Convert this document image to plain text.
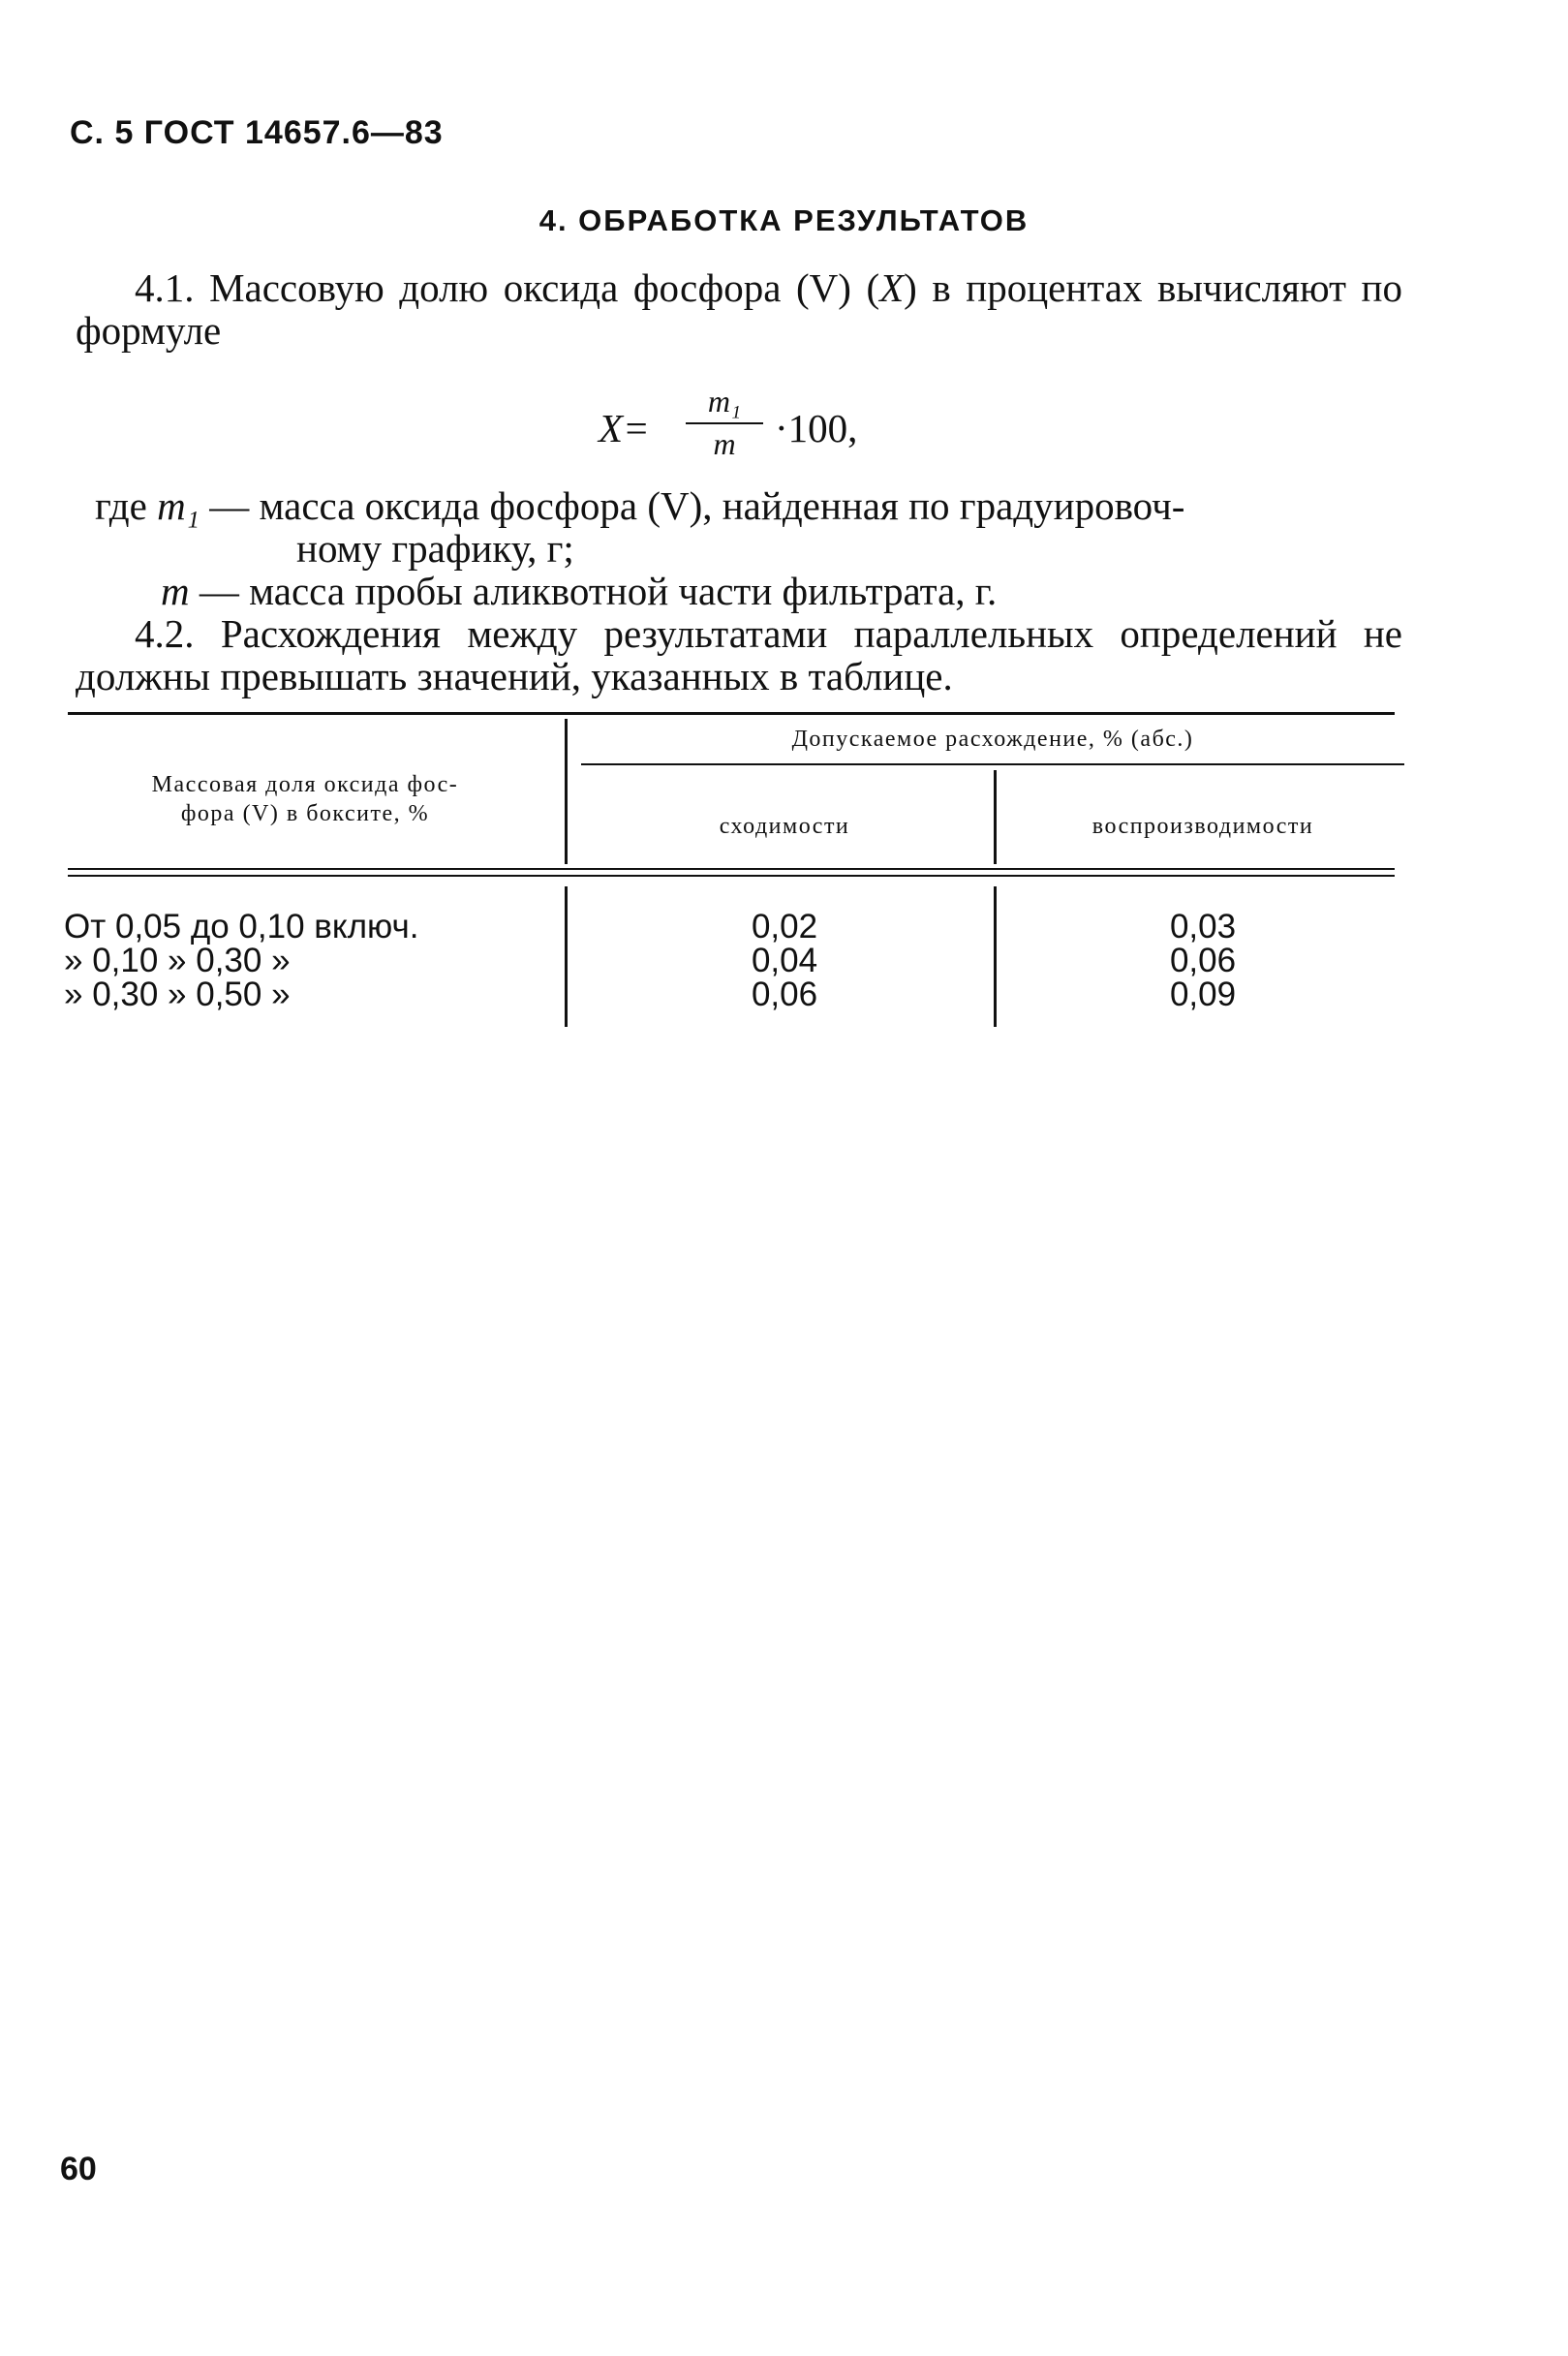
С. 5 ГОСТ 14657.6—83
4. ОБРАБОТКА РЕЗУЛЬТАТОВ
4.1. Массовую долю оксида фосфора (V) (X) в процентах вычисляют по формуле
X=
m₁
m ·100,
где m₁ — масса оксида фосфора (V), найденная по градуировоч-
ному графику, г;
m — масса пробы аликвотной части фильтрата, г.
4.2. Расхождения между результатами параллельных определений не должны превышать значений, указанных в таблице.
Массовая доля оксида фос-
фора (V) в боксите, %
Допускаемое расхождение, % (абс.)
сходимости	воспроизводимости
От 0,05 до 0,10 включ.	0,02	0,03
» 0,10 » 0,30 »	0,04	0,06
» 0,30 » 0,50 »	0,06	0,09
60
